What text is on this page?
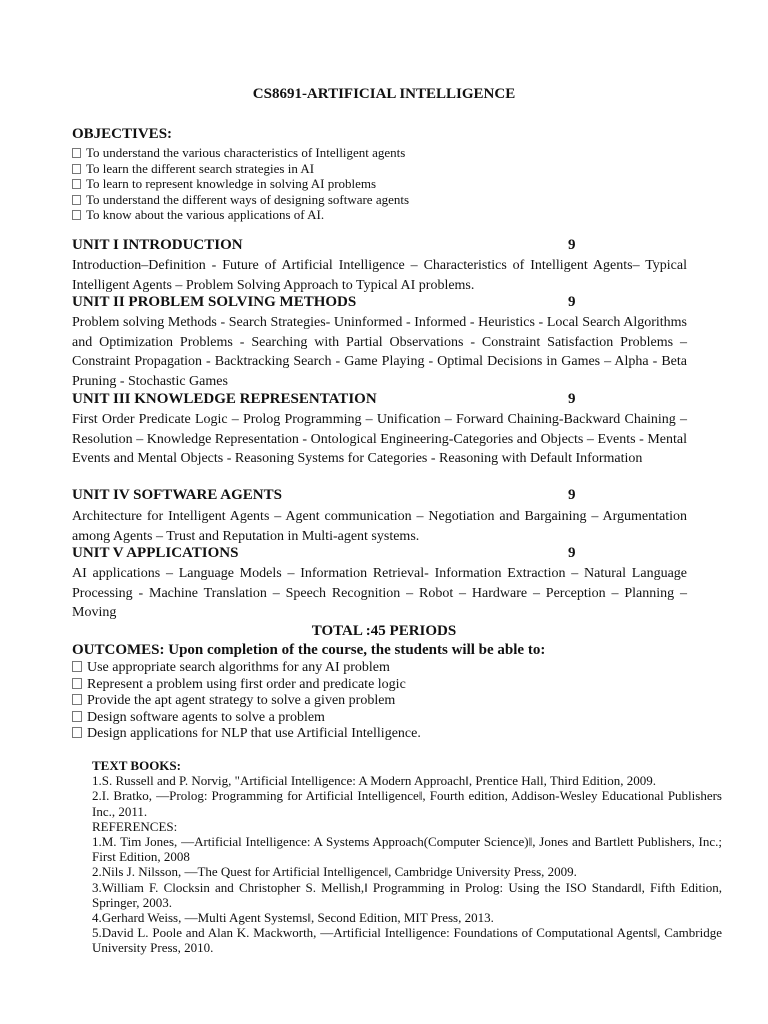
CS8691-ARTIFICIAL INTELLIGENCE
OBJECTIVES:
To understand the various characteristics of Intelligent agents
To learn the different search strategies in AI
To learn to represent knowledge in solving AI problems
To understand the different ways of designing software agents
To know about the various applications of AI.
UNIT I INTRODUCTION	9
Introduction–Definition - Future of Artificial Intelligence – Characteristics of Intelligent Agents– Typical Intelligent Agents – Problem Solving Approach to Typical AI problems.
UNIT II PROBLEM SOLVING METHODS	9
Problem solving Methods - Search Strategies- Uninformed - Informed - Heuristics - Local Search Algorithms and Optimization Problems - Searching with Partial Observations - Constraint Satisfaction Problems – Constraint Propagation - Backtracking Search - Game Playing - Optimal Decisions in Games – Alpha - Beta Pruning - Stochastic Games
UNIT III KNOWLEDGE REPRESENTATION	9
First Order Predicate Logic – Prolog Programming – Unification – Forward Chaining-Backward Chaining – Resolution – Knowledge Representation - Ontological Engineering-Categories and Objects – Events - Mental Events and Mental Objects - Reasoning Systems for Categories - Reasoning with Default Information
UNIT IV SOFTWARE AGENTS	9
Architecture for Intelligent Agents – Agent communication – Negotiation and Bargaining – Argumentation among Agents – Trust and Reputation in Multi-agent systems.
UNIT V APPLICATIONS	9
AI applications – Language Models – Information Retrieval- Information Extraction – Natural Language Processing - Machine Translation – Speech Recognition – Robot – Hardware – Perception – Planning – Moving
TOTAL :45 PERIODS
OUTCOMES: Upon completion of the course, the students will be able to:
Use appropriate search algorithms for any AI problem
Represent a problem using first order and predicate logic
Provide the apt agent strategy to solve a given problem
Design software agents to solve a problem
Design applications for NLP that use Artificial Intelligence.
TEXT BOOKS:
1.S. Russell and P. Norvig, "Artificial Intelligence: A Modern Approach‖, Prentice Hall, Third Edition, 2009.
2.I. Bratko, ―Prolog: Programming for Artificial Intelligence‖, Fourth edition, Addison-Wesley Educational Publishers Inc., 2011.
REFERENCES:
1.M. Tim Jones, ―Artificial Intelligence: A Systems Approach(Computer Science)‖, Jones and Bartlett Publishers, Inc.; First Edition, 2008
2.Nils J. Nilsson, ―The Quest for Artificial Intelligence‖, Cambridge University Press, 2009.
3.William F. Clocksin and Christopher S. Mellish,‖ Programming in Prolog: Using the ISO Standard‖, Fifth Edition, Springer, 2003.
4.Gerhard Weiss, ―Multi Agent Systems‖, Second Edition, MIT Press, 2013.
5.David L. Poole and Alan K. Mackworth, ―Artificial Intelligence: Foundations of Computational Agents‖, Cambridge University Press, 2010.
